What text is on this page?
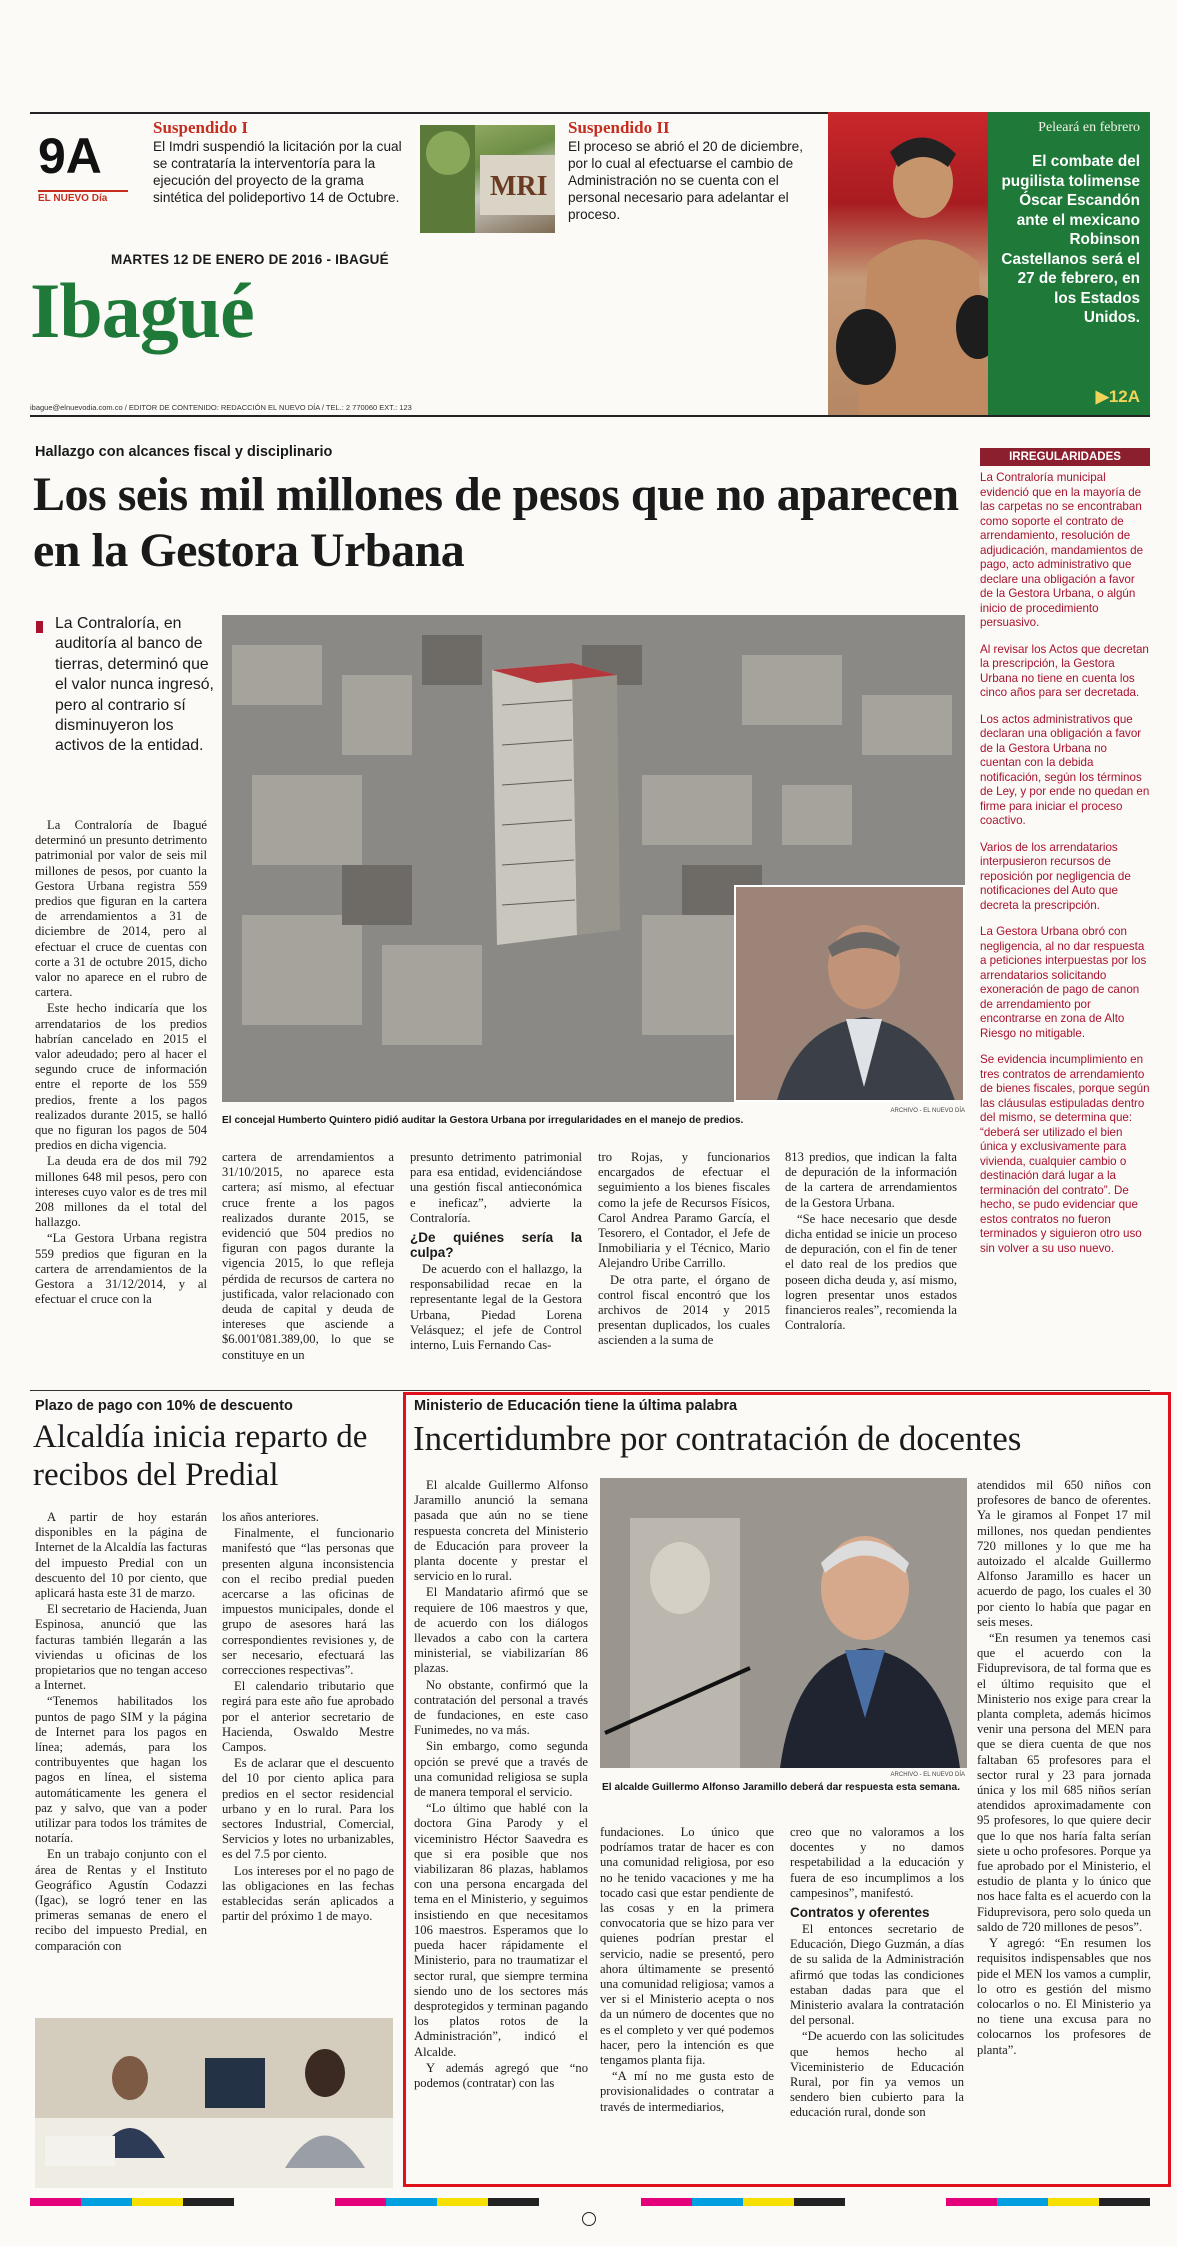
9A
EL NUEVO Día
Suspendido I
El Imdri suspendió la licitación por la cual se contrataría la interventoría para la ejecución del proyecto de la grama sintética del polideportivo 14 de Octubre.	MRI
Suspendido II
El proceso se abrió el 20 de diciembre, por lo cual al efectuarse el cambio de Administración no se cuenta con el personal necesario para adelantar el proceso.
Peleará en febrero
El combate del pugilista tolimense Óscar Escandón ante el mexicano Robinson Castellanos será el 27 de febrero, en los Estados Unidos.
▶12A
MARTES 12 DE ENERO DE 2016 - IBAGUÉ
Ibagué
ibague@elnuevodia.com.co / EDITOR DE CONTENIDO: REDACCIÓN EL NUEVO DÍA / TEL.: 2 770060 EXT.: 123
Hallazgo con alcances fiscal y disciplinario
Los seis mil millones de pesos que no aparecen en la Gestora Urbana
La Contraloría, en auditoría al banco de tierras, determinó que el valor nunca ingresó, pero al contrario sí disminuyeron los activos de la entidad.
El concejal Humberto Quintero pidió auditar la Gestora Urbana por irregularidades en el manejo de predios.
ARCHIVO - EL NUEVO DÍA

La Contraloría de Ibagué determinó un presunto detrimento patrimonial por valor de seis mil millones de pesos, por cuanto la Gestora Urbana registra 559 predios que figuran en la cartera de arrendamientos a 31 de diciembre de 2014, pero al efectuar el cruce de cuentas con corte a 31 de octubre 2015, dicho valor no aparece en el rubro de cartera.

Este hecho indicaría que los arrendatarios de los predios habrían cancelado en 2015 el valor adeudado; pero al hacer el segundo cruce de información entre el reporte de los 559 predios, frente a los pagos realizados durante 2015, se halló que no figuran los pagos de 504 predios en dicha vigencia.

La deuda era de dos mil 792 millones 648 mil pesos, pero con intereses cuyo valor es de tres mil 208 millones da el total del hallazgo.

“La Gestora Urbana registra 559 predios que figuran en la cartera de arrendamientos de la Gestora a 31/12/2014, y al efectuar el cruce con la

cartera de arrendamientos a 31/10/2015, no aparece esta cartera; así mismo, al efectuar cruce frente a los pagos realizados durante 2015, se evidenció que 504 predios no figuran con pagos durante la vigencia 2015, lo que refleja pérdida de recursos de cartera no justificada, valor relacionado con deuda de capital y deuda de intereses que asciende a $6.001'081.389,00, lo que se constituye en un

presunto detrimento patrimonial para esa entidad, evidenciándose una gestión fiscal antieconómica e ineficaz”, advierte la Contraloría.

¿De quiénes sería la culpa?

De acuerdo con el hallazgo, la responsabilidad recae en la representante legal de la Gestora Urbana, Piedad Lorena Velásquez; el jefe de Control interno, Luis Fernando Cas-

tro Rojas, y funcionarios encargados de efectuar el seguimiento a los bienes fiscales como la jefe de Recursos Físicos, Carol Andrea Paramo García, el Tesorero, el Contador, el Jefe de Inmobiliaria y el Técnico, Mario Alejandro Uribe Carrillo.

De otra parte, el órgano de control fiscal encontró que los archivos de 2014 y 2015 presentan duplicados, los cuales ascienden a la suma de

813 predios, que indican la falta de depuración de la información de la cartera de arrendamientos de la Gestora Urbana.

“Se hace necesario que desde dicha entidad se inicie un proceso de depuración, con el fin de tener el dato real de los predios que poseen dicha deuda y, así mismo, logren presentar unos estados financieros reales”, recomienda la Contraloría.

IRREGULARIDADES

La Contraloría municipal evidenció que en la mayoría de las carpetas no se encontraban como soporte el contrato de arrendamiento, resolución de adjudicación, mandamientos de pago, acto administrativo que declare una obligación a favor de la Gestora Urbana, o algún inicio de procedimiento persuasivo.

Al revisar los Actos que decretan la prescripción, la Gestora Urbana no tiene en cuenta los cinco años para ser decretada.

Los actos administrativos que declaran una obligación a favor de la Gestora Urbana no cuentan con la debida notificación, según los términos de Ley, y por ende no quedan en firme para iniciar el proceso coactivo.

Varios de los arrendatarios interpusieron recursos de reposición por negligencia de notificaciones del Auto que decreta la prescripción.

La Gestora Urbana obró con negligencia, al no dar respuesta a peticiones interpuestas por los arrendatarios solicitando exoneración de pago de canon de arrendamiento por encontrarse en zona de Alto Riesgo no mitigable.

Se evidencia incumplimiento en tres contratos de arrendamiento de bienes fiscales, porque según las cláusulas estipuladas dentro del mismo, se determina que: “deberá ser utilizado el bien única y exclusivamente para vivienda, cualquier cambio o destinación dará lugar a la terminación del contrato”. De hecho, se pudo evidenciar que estos contratos no fueron terminados y siguieron otro uso sin volver a su uso nuevo.

Plazo de pago con 10% de descuento
Alcaldía inicia reparto de recibos del Predial

A partir de hoy estarán disponibles en la página de Internet de la Alcaldía las facturas del impuesto Predial con un descuento del 10 por ciento, que aplicará hasta este 31 de marzo.

El secretario de Hacienda, Juan Espinosa, anunció que las facturas también llegarán a las viviendas u oficinas de los propietarios que no tengan acceso a Internet.

“Tenemos habilitados los puntos de pago SIM y la página de Internet para los pagos en línea; además, para los contribuyentes que hagan los pagos en línea, el sistema automáticamente les genera el paz y salvo, que van a poder utilizar para todos los trámites de notaría.

En un trabajo conjunto con el área de Rentas y el Instituto Geográfico Agustín Codazzi (Igac), se logró tener en las primeras semanas de enero el recibo del impuesto Predial, en comparación con

los años anteriores.

Finalmente, el funcionario manifestó que “las personas que presenten alguna inconsistencia con el recibo predial pueden acercarse a las oficinas de impuestos municipales, donde el grupo de asesores hará las correspondientes revisiones y, de ser necesario, efectuará las correcciones respectivas”.

El calendario tributario que regirá para este año fue aprobado por el anterior secretario de Hacienda, Oswaldo Mestre Campos.

Es de aclarar que el descuento del 10 por ciento aplica para predios en el sector residencial urbano y en lo rural. Para los sectores Industrial, Comercial, Servicios y lotes no urbanizables, es del 7.5 por ciento.

Los intereses por el no pago de las obligaciones en las fechas establecidas serán aplicados a partir del próximo 1 de mayo.

Ministerio de Educación tiene la última palabra
Incertidumbre por contratación de docentes

El alcalde Guillermo Alfonso Jaramillo anunció la semana pasada que aún no se tiene respuesta concreta del Ministerio de Educación para proveer la planta docente y prestar el servicio en lo rural.

El Mandatario afirmó que se requiere de 106 maestros y que, de acuerdo con los diálogos llevados a cabo con la cartera ministerial, se viabilizarían 86 plazas.

No obstante, confirmó que la contratación del personal a través de fundaciones, en este caso Funimedes, no va más.

Sin embargo, como segunda opción se prevé que a través de una comunidad religiosa se supla de manera temporal el servicio.

“Lo último que hablé con la doctora Gina Parody y el viceministro Héctor Saavedra es que si era posible que nos viabilizaran 86 plazas, hablamos con una persona encargada del tema en el Ministerio, y seguimos insistiendo en que necesitamos 106 maestros. Esperamos que lo pueda hacer rápidamente el Ministerio, para no traumatizar el sector rural, que siempre termina siendo uno de los sectores más desprotegidos y terminan pagando los platos rotos de la Administración”, indicó el Alcalde.

Y además agregó que “no podemos (contratar) con las

ARCHIVO - EL NUEVO DÍA
El alcalde Guillermo Alfonso Jaramillo deberá dar respuesta esta semana.

fundaciones. Lo único que podríamos tratar de hacer es con una comunidad religiosa, por eso no he tenido vacaciones y me ha tocado casi que estar pendiente de las cosas y en la primera convocatoria que se hizo para ver quienes podrían prestar el servicio, nadie se presentó, pero ahora últimamente se presentó una comunidad religiosa; vamos a ver si el Ministerio acepta o nos da un número de docentes que no es el completo y ver qué podemos hacer, pero la intención es que tengamos planta fija.

“A mí no me gusta esto de provisionalidades o contratar a través de intermediarios,

creo que no valoramos a los docentes y no damos respetabilidad a la educación y fuera de eso incumplimos a los campesinos”, manifestó.

Contratos y oferentes

El entonces secretario de Educación, Diego Guzmán, a días de su salida de la Administración afirmó que todas las condiciones estaban dadas para que el Ministerio avalara la contratación del personal.

“De acuerdo con las solicitudes que hemos hecho al Viceministerio de Educación Rural, por fin ya vemos un sendero bien cubierto para la educación rural, donde son

atendidos mil 650 niños con profesores de banco de oferentes. Ya le giramos al Fonpet 17 mil millones, nos quedan pendientes 720 millones y lo que me ha autoizado el alcalde Guillermo Alfonso Jaramillo es hacer un acuerdo de pago, los cuales el 30 por ciento lo había que pagar en seis meses.

“En resumen ya tenemos casi que el acuerdo con la Fiduprevisora, de tal forma que es el último requisito que el Ministerio nos exige para crear la planta completa, además hicimos venir una persona del MEN para que se diera cuenta de que nos faltaban 65 profesores para el sector rural y 23 para jornada única y los mil 685 niños serían atendidos aproximadamente con 95 profesores, lo que quiere decir que lo que nos haría falta serían siete u ocho profesores. Porque ya fue aprobado por el Ministerio, el estudio de planta y lo único que nos hace falta es el acuerdo con la Fiduprevisora, pero solo queda un saldo de 720 millones de pesos”.

Y agregó: “En resumen los requisitos indispensables que nos pide el MEN los vamos a cumplir, lo otro es gestión del mismo colocarlos o no. El Ministerio ya no tiene una excusa para no colocarnos los profesores de planta”.
